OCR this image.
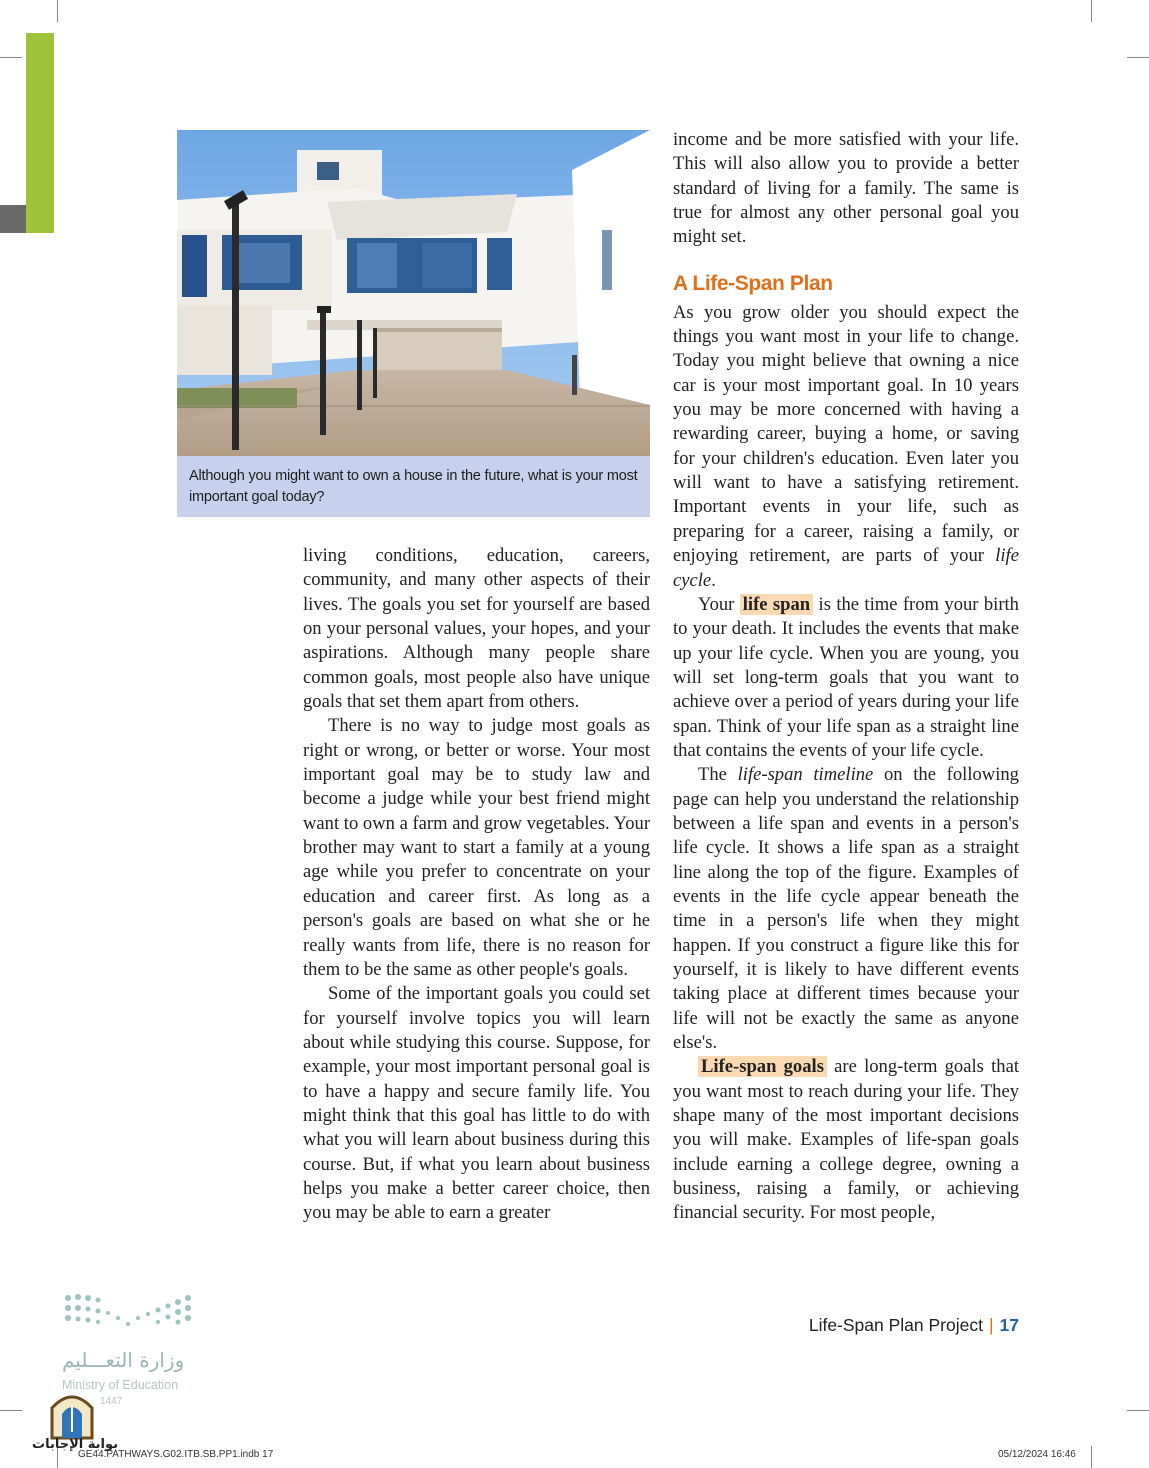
Although you might want to own a house in the future, what is your most important goal today?

living conditions, education, careers, community, and many other aspects of their lives. The goals you set for yourself are based on your personal values, your hopes, and your aspirations. Although many people share common goals, most people also have unique goals that set them apart from others.

There is no way to judge most goals as right or wrong, or better or worse. Your most important goal may be to study law and become a judge while your best friend might want to own a farm and grow vegetables. Your brother may want to start a family at a young age while you prefer to concentrate on your education and career first. As long as a person's goals are based on what she or he really wants from life, there is no reason for them to be the same as other people's goals.

Some of the important goals you could set for yourself involve topics you will learn about while studying this course. Suppose, for example, your most important personal goal is to have a happy and secure family life. You might think that this goal has little to do with what you will learn about business during this course. But, if what you learn about business helps you make a better career choice, then you may be able to earn a greater

income and be more satisfied with your life. This will also allow you to provide a better standard of living for a family. The same is true for almost any other personal goal you might set.

A Life-Span Plan

As you grow older you should expect the things you want most in your life to change. Today you might believe that owning a nice car is your most important goal. In 10 years you may be more concerned with having a rewarding career, buying a home, or saving for your children's education. Even later you will want to have a satisfying retirement. Important events in your life, such as preparing for a career, raising a family, or enjoying retirement, are parts of your life cycle.

Your life span is the time from your birth to your death. It includes the events that make up your life cycle. When you are young, you will set long-term goals that you want to achieve over a period of years during your life span. Think of your life span as a straight line that contains the events of your life cycle.

The life-span timeline on the following page can help you understand the relationship between a life span and events in a person's life cycle. It shows a life span as a straight line along the top of the figure. Examples of events in the life cycle appear beneath the time in a person's life when they might happen. If you construct a figure like this for yourself, it is likely to have different events taking place at different times because your life will not be exactly the same as anyone else's.

Life-span goals are long-term goals that you want most to reach during your life. They shape many of the most important decisions you will make. Examples of life-span goals include earning a college degree, owning a business, raising a family, or achieving financial security. For most people,

Life-Span Plan Project | 17
GE44.PATHWAYS.G02.ITB.SB.PP1.indb 17	05/12/2024 16:46
وزارة التعـــليم
Ministry of Education
1447
بوابة الإجابات
